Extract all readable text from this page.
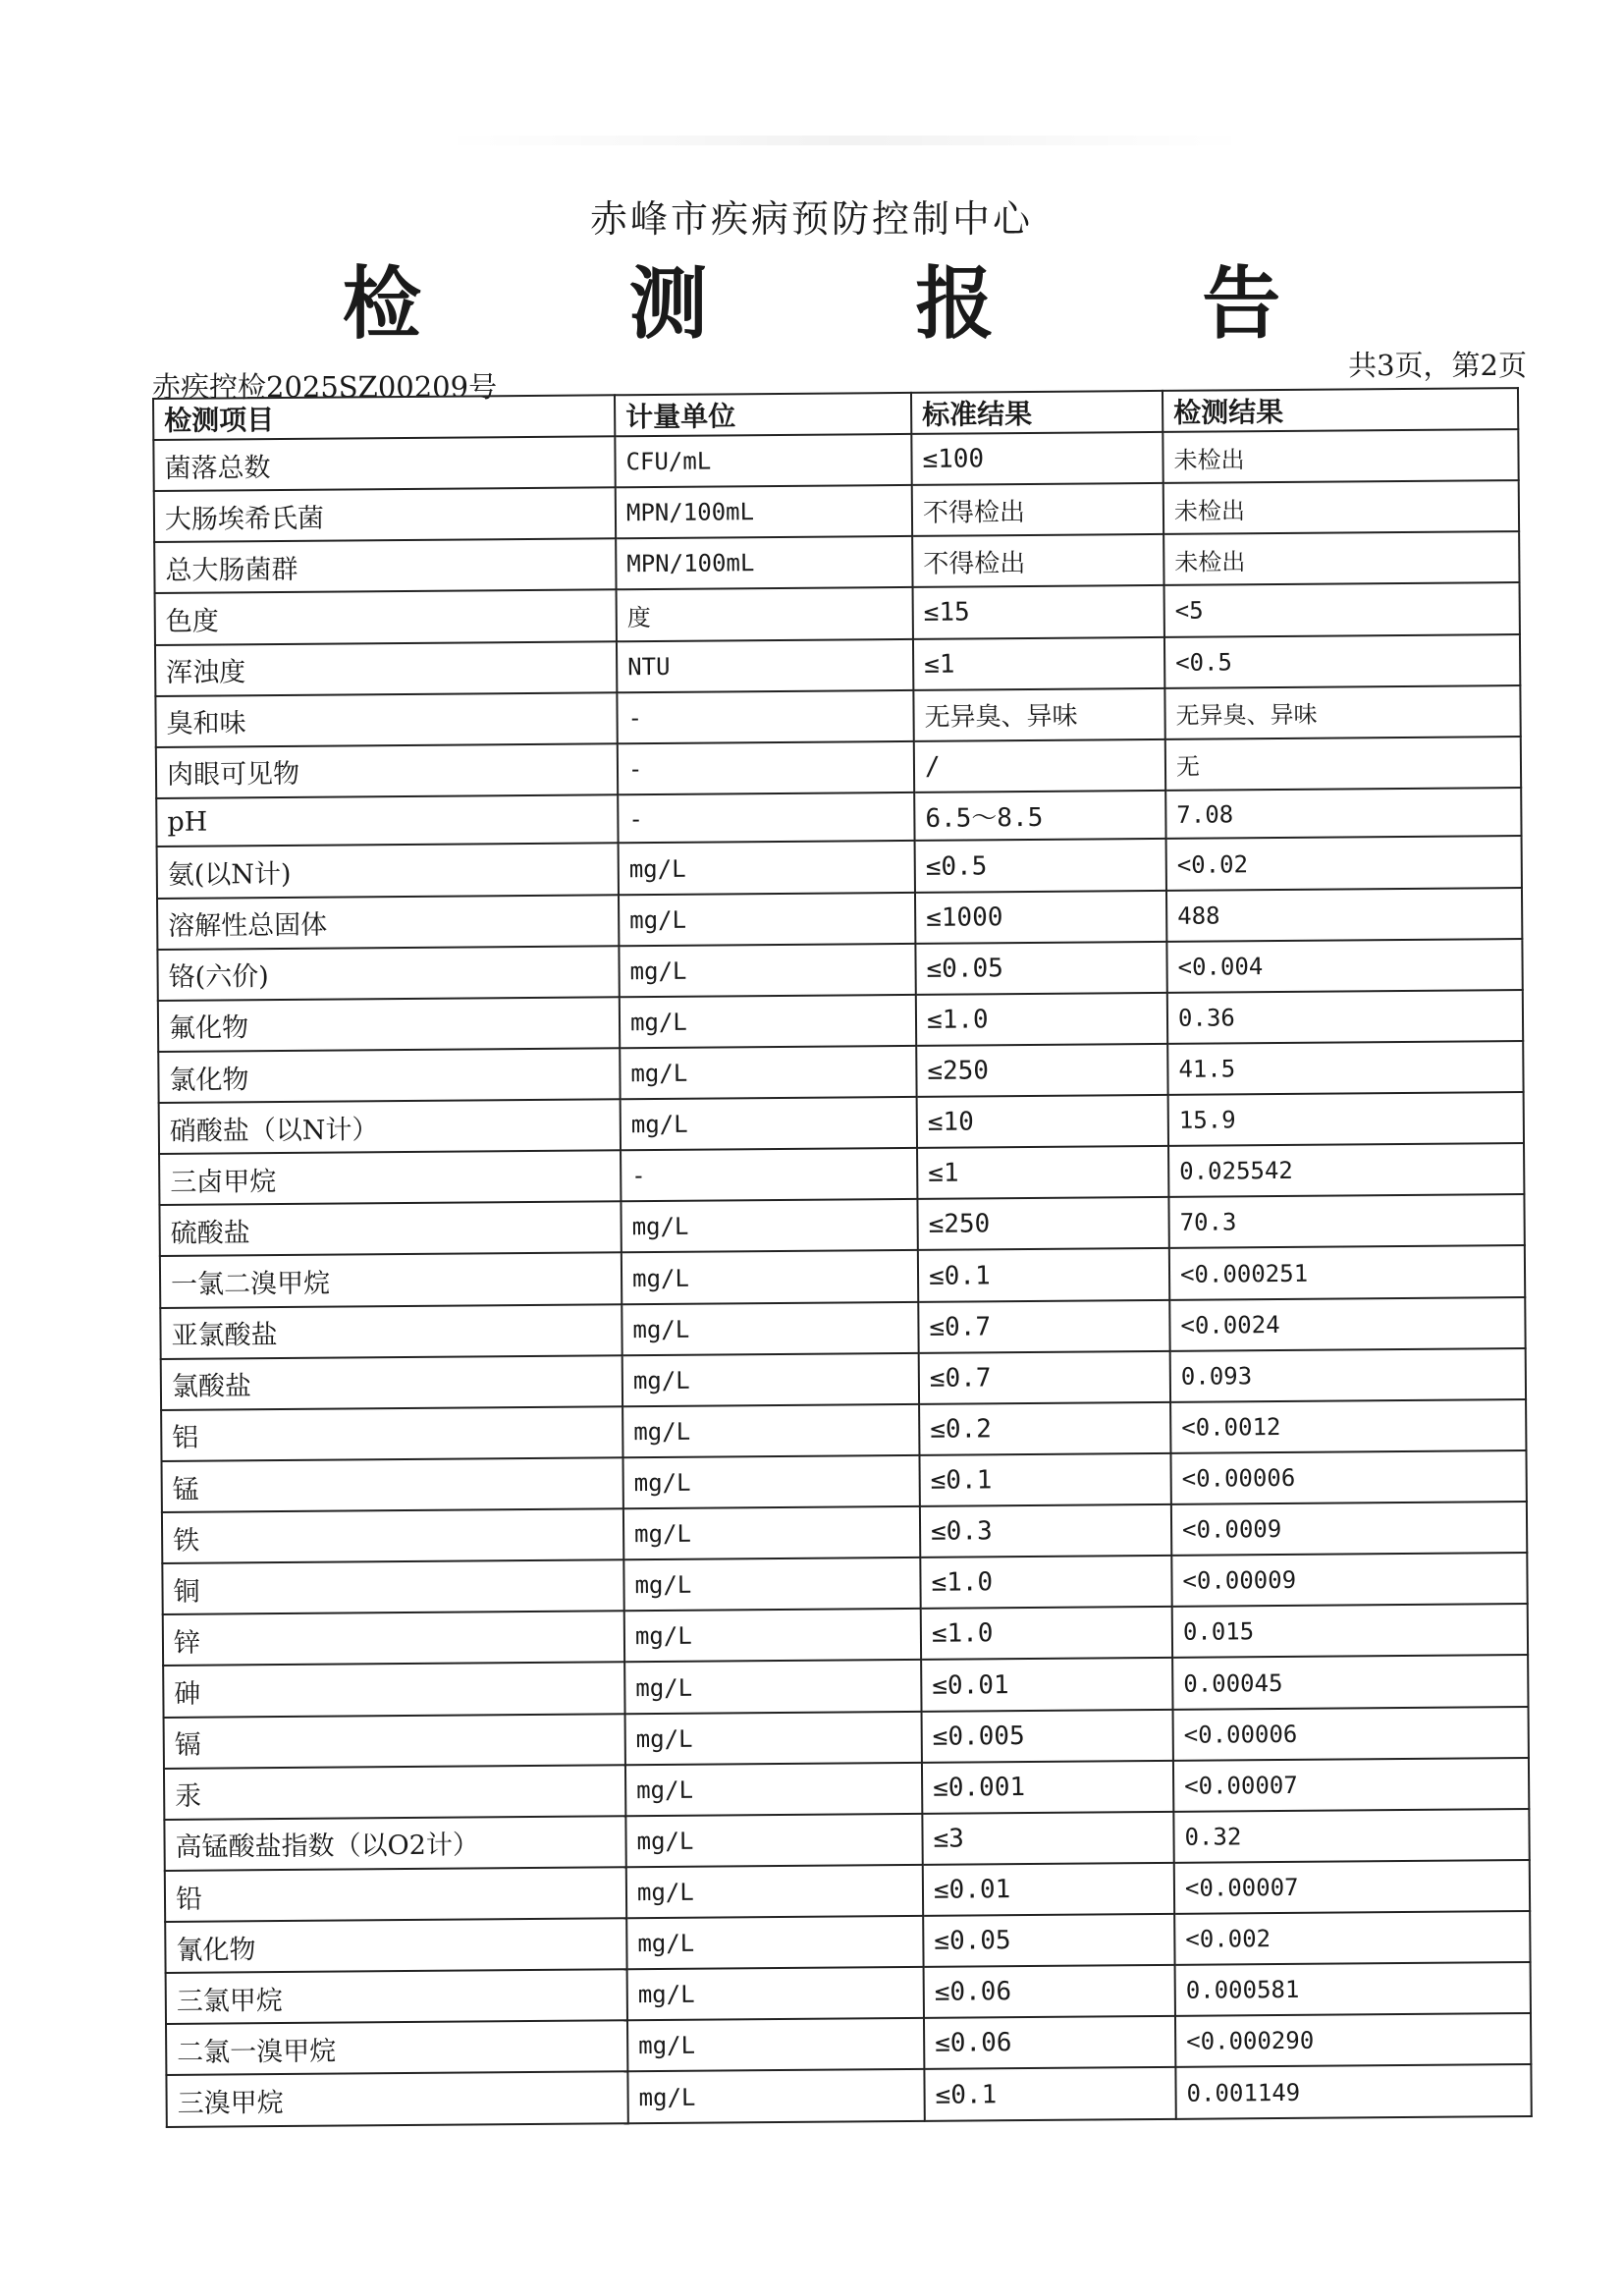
赤峰市疾病预防控制中心
检 测 报 告
共3页，第2页
赤疾控检2025SZ00209号
检测项目	计量单位	标准结果	检测结果
菌落总数	CFU/mL	≤100	未检出
大肠埃希氏菌	MPN/100mL	不得检出	未检出
总大肠菌群	MPN/100mL	不得检出	未检出
色度	度	≤15	<5
浑浊度	NTU	≤1	<0.5
臭和味	-	无异臭、异味	无异臭、异味
肉眼可见物	-	/	无
pH	-	6.5～8.5	7.08
氨(以N计)	mg/L	≤0.5	<0.02
溶解性总固体	mg/L	≤1000	488
铬(六价)	mg/L	≤0.05	<0.004
氟化物	mg/L	≤1.0	0.36
氯化物	mg/L	≤250	41.5
硝酸盐（以N计）	mg/L	≤10	15.9
三卤甲烷	-	≤1	0.025542
硫酸盐	mg/L	≤250	70.3
一氯二溴甲烷	mg/L	≤0.1	<0.000251
亚氯酸盐	mg/L	≤0.7	<0.0024
氯酸盐	mg/L	≤0.7	0.093
铝	mg/L	≤0.2	<0.0012
锰	mg/L	≤0.1	<0.00006
铁	mg/L	≤0.3	<0.0009
铜	mg/L	≤1.0	<0.00009
锌	mg/L	≤1.0	0.015
砷	mg/L	≤0.01	0.00045
镉	mg/L	≤0.005	<0.00006
汞	mg/L	≤0.001	<0.00007
高锰酸盐指数（以O2计）	mg/L	≤3	0.32
铅	mg/L	≤0.01	<0.00007
氰化物	mg/L	≤0.05	<0.002
三氯甲烷	mg/L	≤0.06	0.000581
二氯一溴甲烷	mg/L	≤0.06	<0.000290
三溴甲烷	mg/L	≤0.1	0.001149
